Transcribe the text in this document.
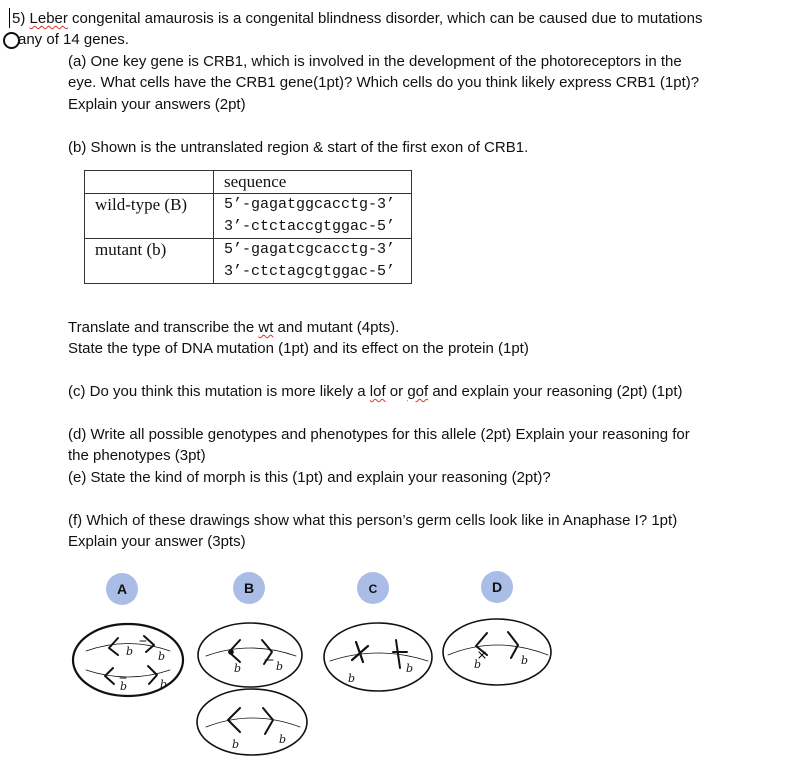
5) Leber congenital amaurosis is a congenital blindness disorder, which can be caused due to mutations
any of 14 genes.
(a) One key gene is CRB1, which is involved in the development of the photoreceptors in the
eye. What cells have the CRB1 gene(1pt)? Which cells do you think likely express CRB1 (1pt)?
Explain your answers (2pt)
(b) Shown is the untranslated region & start of the first exon of CRB1.
	sequence
wild-type (B)	5’-gagatggcacctg-3’
3’-ctctaccgtggac-5’

mutant (b)	5’-gagatcgcacctg-3’
3’-ctctagcgtggac-5’
Translate and transcribe the wt and mutant (4pts).
State the type of DNA mutation (1pt) and its effect on the protein (1pt)
(c) Do you think this mutation is more likely a lof or gof and explain your reasoning (2pt) (1pt)
(d) Write all possible genotypes and phenotypes for this allele (2pt) Explain your reasoning for
the phenotypes (3pt)
(e) State the kind of morph is this (1pt) and explain your reasoning (2pt)?
(f) Which of these drawings show what this person’s germ cells look like in Anaphase I? 1pt)
Explain your answer (3pts)
A	B	C	D
b
b
b
b
b	b
b	b
b
b	b	b
